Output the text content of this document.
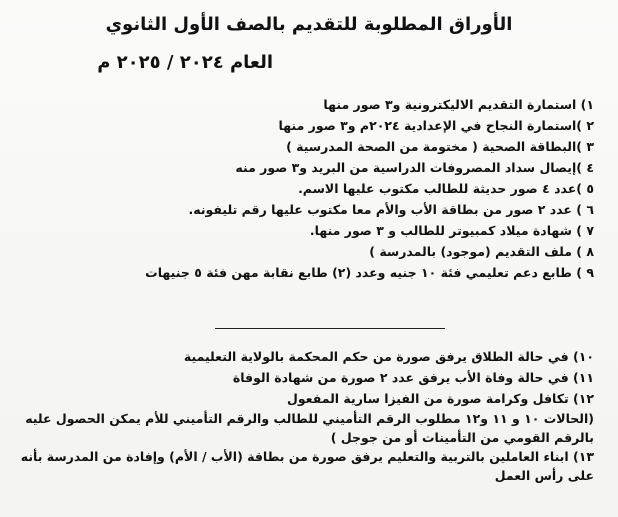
الأوراق المطلوبة للتقديم بالصف الأول الثانوي
العام ٢٠٢٤ / ٢٠٢٥ م
١) استمارة التقديم الاليكترونية و٣ صور منها
٢ )استمارة النجاح في الإعدادية ٢٠٢٤م و٣ صور منها
٣ )البطاقة الصحية ( مختومة من الصحة المدرسية )
٤ )إيصال سداد المصروفات الدراسية من البريد و٣ صور منه
٥ )عدد ٤ صور حديثة للطالب مكتوب عليها الاسم.
٦ ) عدد ٢ صور من بطاقة الأب والأم معا مكتوب عليها رقم تليفونه.
٧ ) شهادة ميلاد كمبيوتر للطالب و ٣ صور منها.
٨ ) ملف التقديم (موجود) بالمدرسة )
٩ ) طابع دعم تعليمي فئة ١٠ جنيه وعدد (٢) طابع نقابة مهن فئة ٥ جنيهات
١٠) في حالة الطلاق يرفق صورة من حكم المحكمة بالولاية التعليمية
١١) في حالة وفاة الأب يرفق عدد ٢ صورة من شهادة الوفاة
١٢) تكافل وكرامة صورة من الفيزا سارية المفعول
(الحالات ١٠ و ١١ و١٢ مطلوب الرقم التأميني للطالب والرقم التأميني للأم يمكن الحصول عليه بالرقم القومي من التأمينات أو من جوجل )
١٣) ابناء العاملين بالتربية والتعليم يرفق صورة من بطاقة (الأب / الأم) وإفادة من المدرسة بأنه على رأس العمل
